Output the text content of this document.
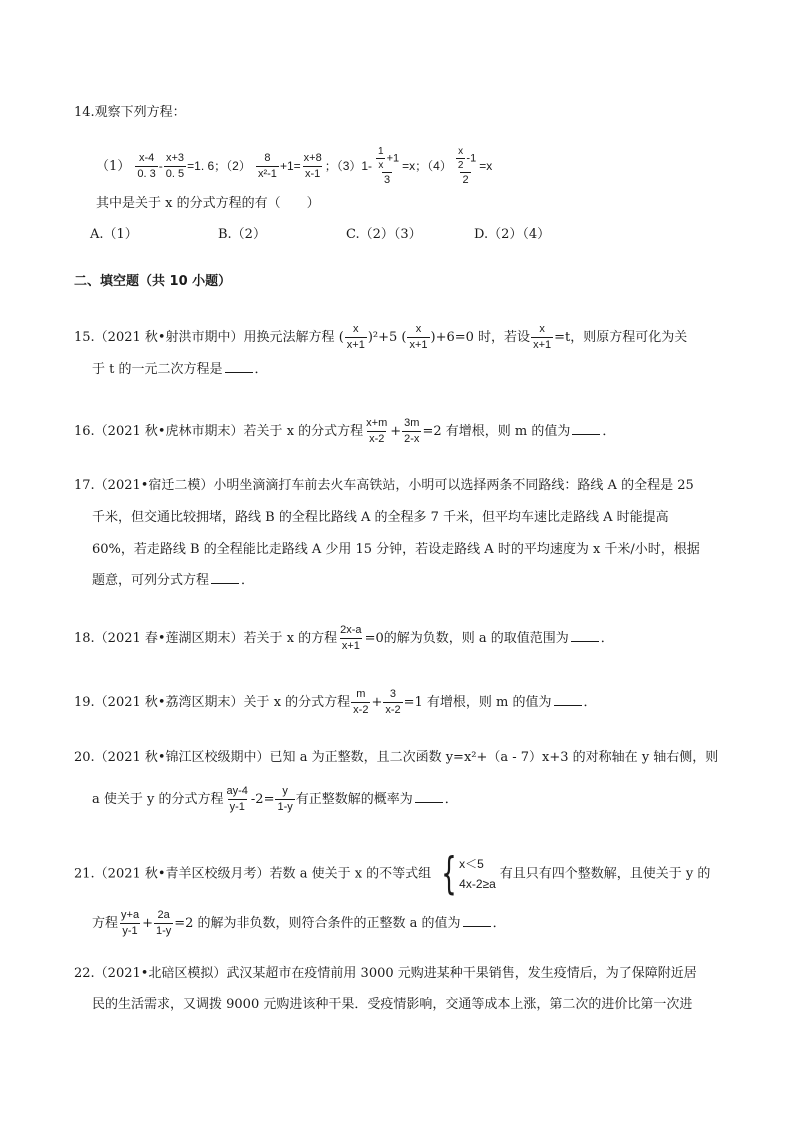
14.观察下列方程：
$(1) \frac{x-4}{0. 3} - \frac{x+3}{0. 5} =1$. 6；$(2) \frac{8}{\text{x²-1}} +1= \frac{x+8}{x-1}$ ；$(3)1- \frac{\frac{1}{x} +1}{3} =x$；$(4) \frac{\frac{x}{2} -1}{2} =x$
其中是关于 x 的分式方程的有（　　）
A.（1）	B.（2）	C.（2）（3）	D.（2）（4）
二、填空题（共 10 小题）
15.（2021 秋•射洪市期中）用换元法解方程 ( $\frac{x}{x+1} )^2+5$ ( $\frac{x}{x+1} )+6=0$ 时，若设 $\frac{x}{x+1} =t$，则原方程可化为关
于 t 的一元二次方程是 ．
16.（2021 秋•虎林市期末）若关于 x 的分式方程 $\frac{x+m}{x-2} + \frac{3m}{2-x} =2$ 有增根，则 m 的值为 ．
17.（2021•宿迁二模）小明坐滴滴打车前去火车高铁站，小明可以选择两条不同路线：路线 A 的全程是 25
千米，但交通比较拥堵，路线 B 的全程比路线 A 的全程多 7 千米，但平均车速比走路线 A 时能提高
60%，若走路线 B 的全程能比走路线 A 少用 15 分钟，若设走路线 A 时的平均速度为 x 千米/小时，根据
题意，可列分式方程 ．
18.（2021 春•莲湖区期末）若关于 x 的方程 $\frac{2x-a}{x+1} =0$的解为负数，则 a 的取值范围为 ．
19.（2021 秋•荔湾区期末）关于 x 的分式方程 $\frac{m}{x-2} + \frac{3}{x-2} =1$ 有增根，则 m 的值为 ．
20.（2021 秋•锦江区校级期中）已知 a 为正整数，且二次函数 y=x²+（a - 7）x+3 的对称轴在 y 轴右侧，则
a 使关于 y 的分式方程 $\frac{ay-4}{y-1} -2= \frac{y}{1-y}$ 有正整数解的概率为 ．
21.（2021 秋•青羊区校级月考）若数 a 使关于 x 的不等式组 { x＜5
4x-2≥a
有且只有四个整数解，且使关于 y 的
方程 $\frac{y+a}{y-1} + \frac{2a}{1-y} =2$ 的解为非负数，则符合条件的正整数 a 的值为 ．
22.（2021•北碚区模拟）武汉某超市在疫情前用 3000 元购进某种干果销售，发生疫情后，为了保障附近居
民的生活需求，又调拨 9000 元购进该种干果．受疫情影响，交通等成本上涨，第二次的进价比第一次进
